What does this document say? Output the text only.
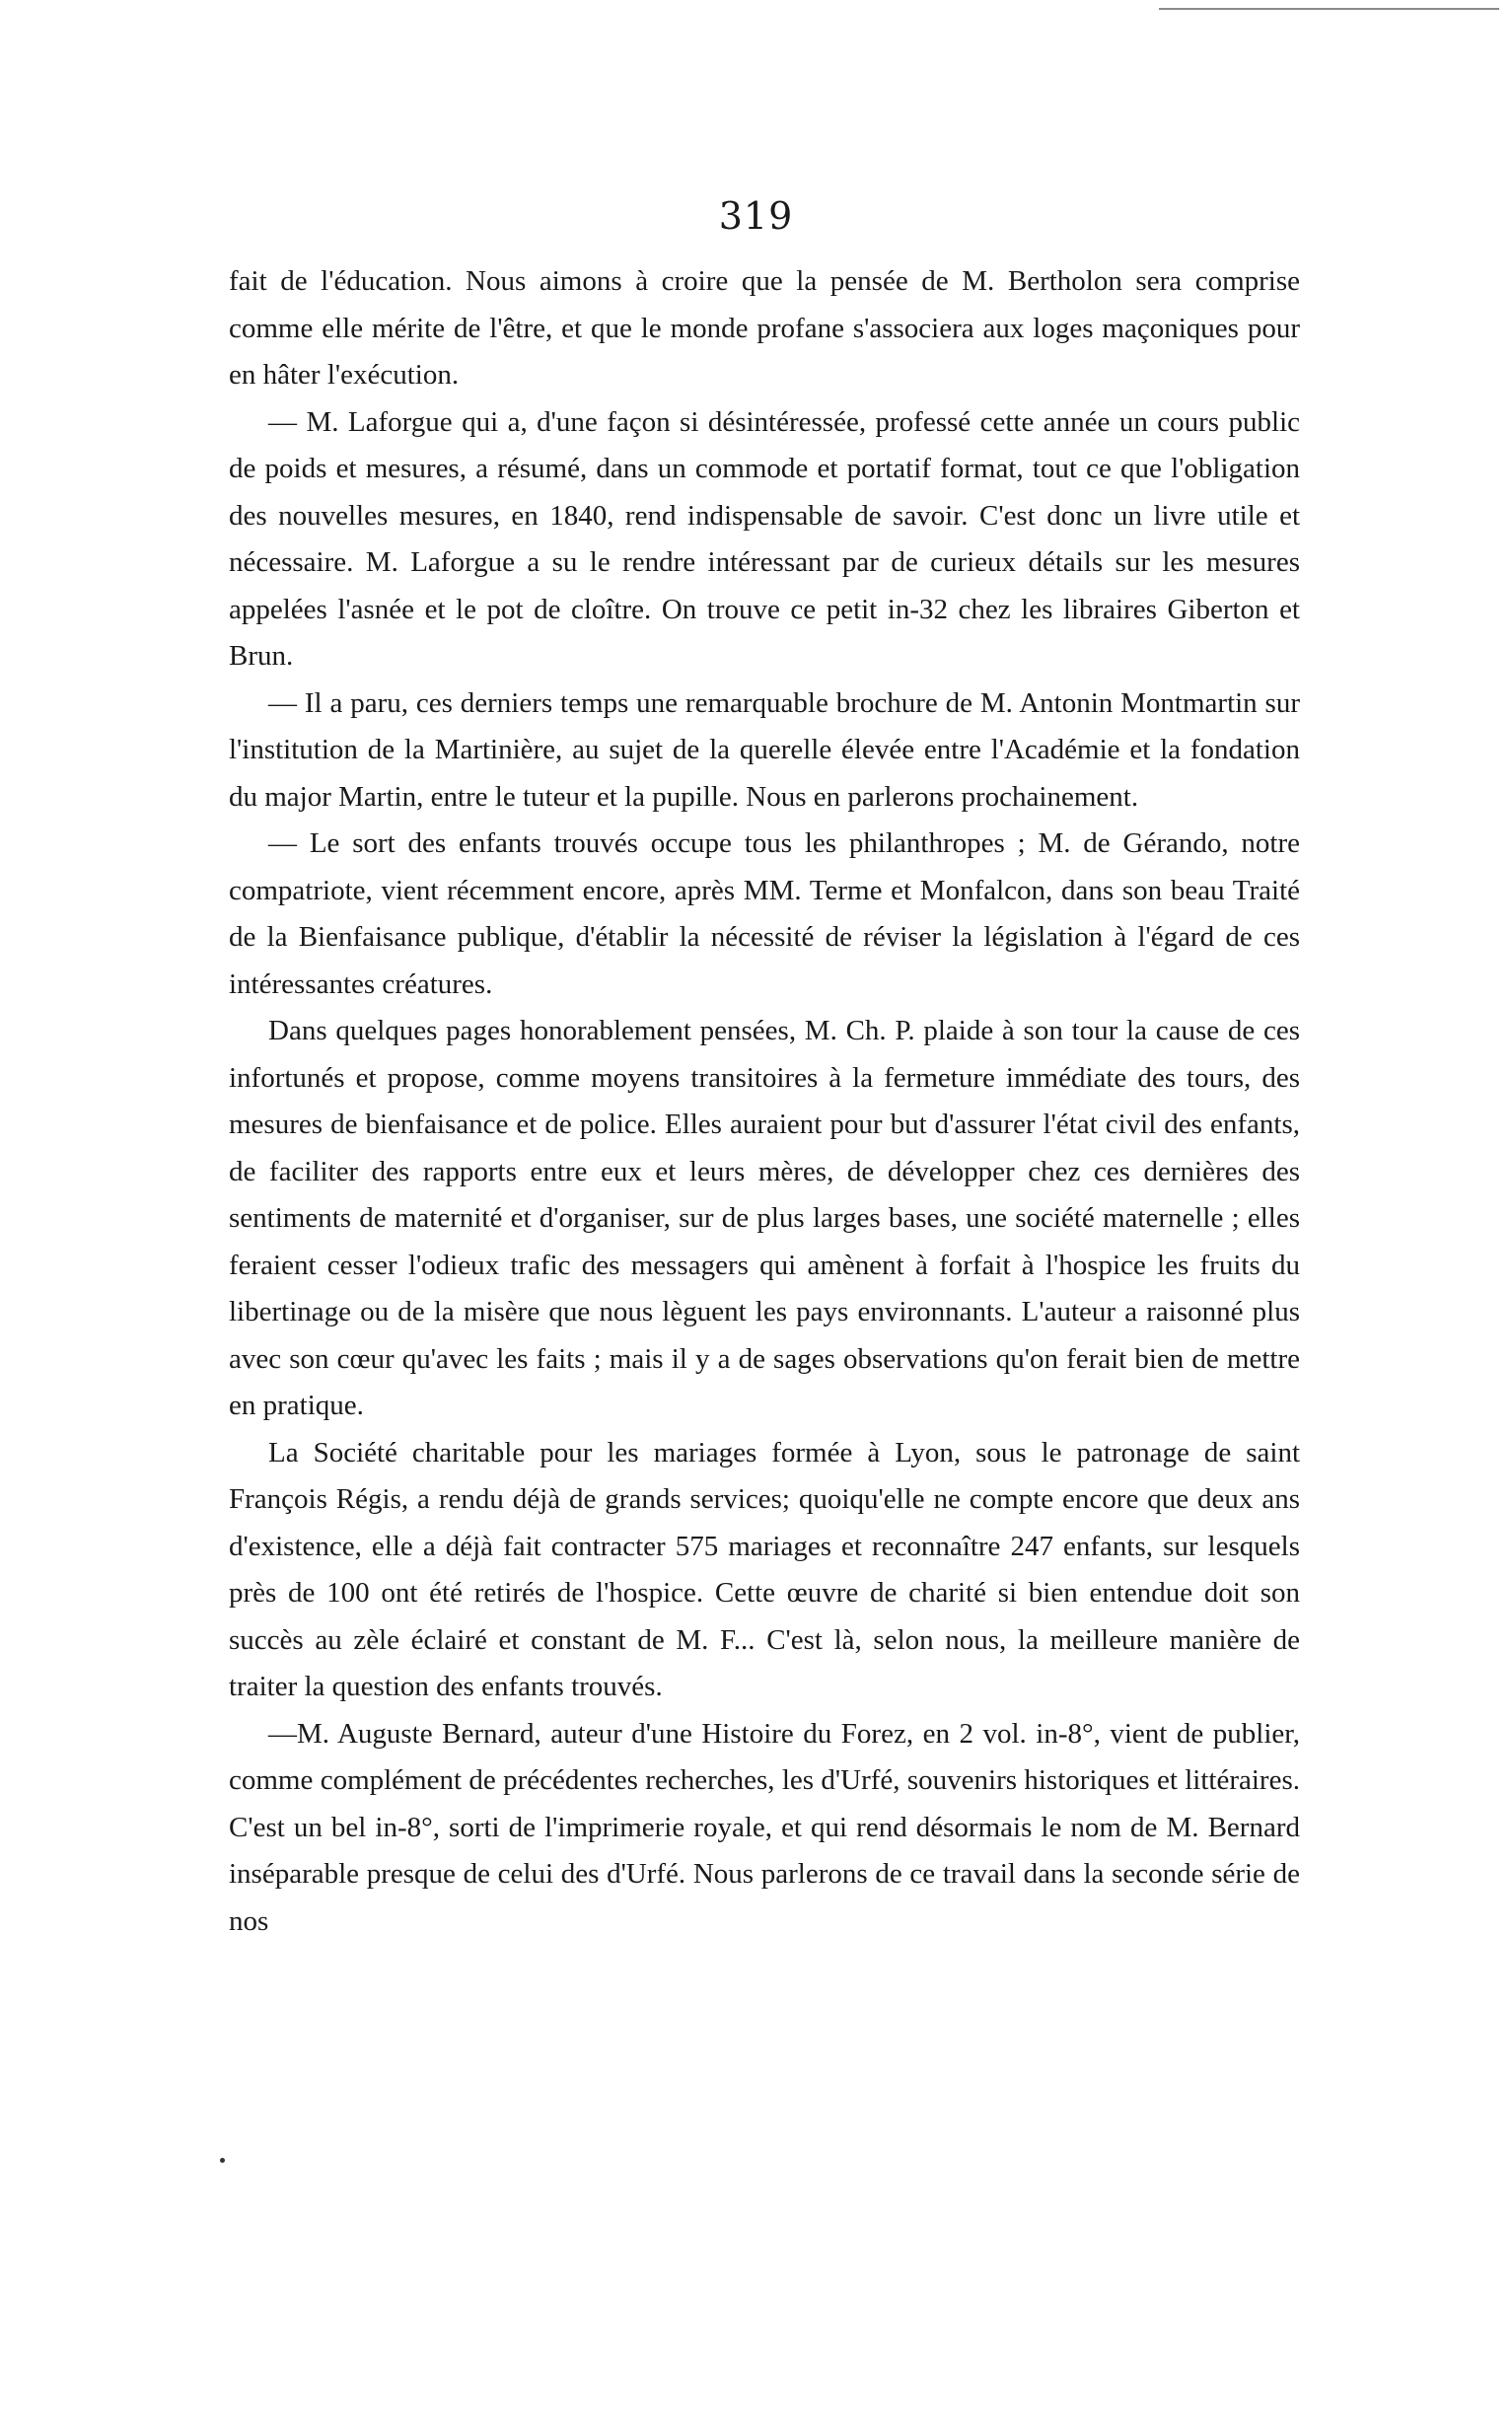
319

fait de l'éducation. Nous aimons à croire que la pensée de M. Bertholon sera comprise comme elle mérite de l'être, et que le monde profane s'associera aux loges maçoniques pour en hâter l'exécution.

— M. Laforgue qui a, d'une façon si désintéressée, professé cette année un cours public de poids et mesures, a résumé, dans un commode et portatif format, tout ce que l'obligation des nouvelles mesures, en 1840, rend indispensable de savoir. C'est donc un livre utile et nécessaire. M. Laforgue a su le rendre intéressant par de curieux détails sur les mesures appelées l'asnée et le pot de cloître. On trouve ce petit in-32 chez les libraires Giberton et Brun.

— Il a paru, ces derniers temps une remarquable brochure de M. Antonin Montmartin sur l'institution de la Martinière, au sujet de la querelle élevée entre l'Académie et la fondation du major Martin, entre le tuteur et la pupille. Nous en parlerons prochainement.

— Le sort des enfants trouvés occupe tous les philanthropes ; M. de Gérando, notre compatriote, vient récemment encore, après MM. Terme et Monfalcon, dans son beau Traité de la Bienfaisance publique, d'établir la nécessité de réviser la législation à l'égard de ces intéressantes créatures.

Dans quelques pages honorablement pensées, M. Ch. P. plaide à son tour la cause de ces infortunés et propose, comme moyens transitoires à la fermeture immédiate des tours, des mesures de bienfaisance et de police. Elles auraient pour but d'assurer l'état civil des enfants, de faciliter des rapports entre eux et leurs mères, de développer chez ces dernières des sentiments de maternité et d'organiser, sur de plus larges bases, une société maternelle ; elles feraient cesser l'odieux trafic des messagers qui amènent à forfait à l'hospice les fruits du libertinage ou de la misère que nous lèguent les pays environnants. L'auteur a raisonné plus avec son cœur qu'avec les faits ; mais il y a de sages observations qu'on ferait bien de mettre en pratique.

La Société charitable pour les mariages formée à Lyon, sous le patronage de saint François Régis, a rendu déjà de grands services; quoiqu'elle ne compte encore que deux ans d'existence, elle a déjà fait contracter 575 mariages et reconnaître 247 enfants, sur lesquels près de 100 ont été retirés de l'hospice. Cette œuvre de charité si bien entendue doit son succès au zèle éclairé et constant de M. F... C'est là, selon nous, la meilleure manière de traiter la question des enfants trouvés.

—M. Auguste Bernard, auteur d'une Histoire du Forez, en 2 vol. in-8°, vient de publier, comme complément de précédentes recherches, les d'Urfé, souvenirs historiques et littéraires. C'est un bel in-8°, sorti de l'imprimerie royale, et qui rend désormais le nom de M. Bernard inséparable presque de celui des d'Urfé. Nous parlerons de ce travail dans la seconde série de nos
